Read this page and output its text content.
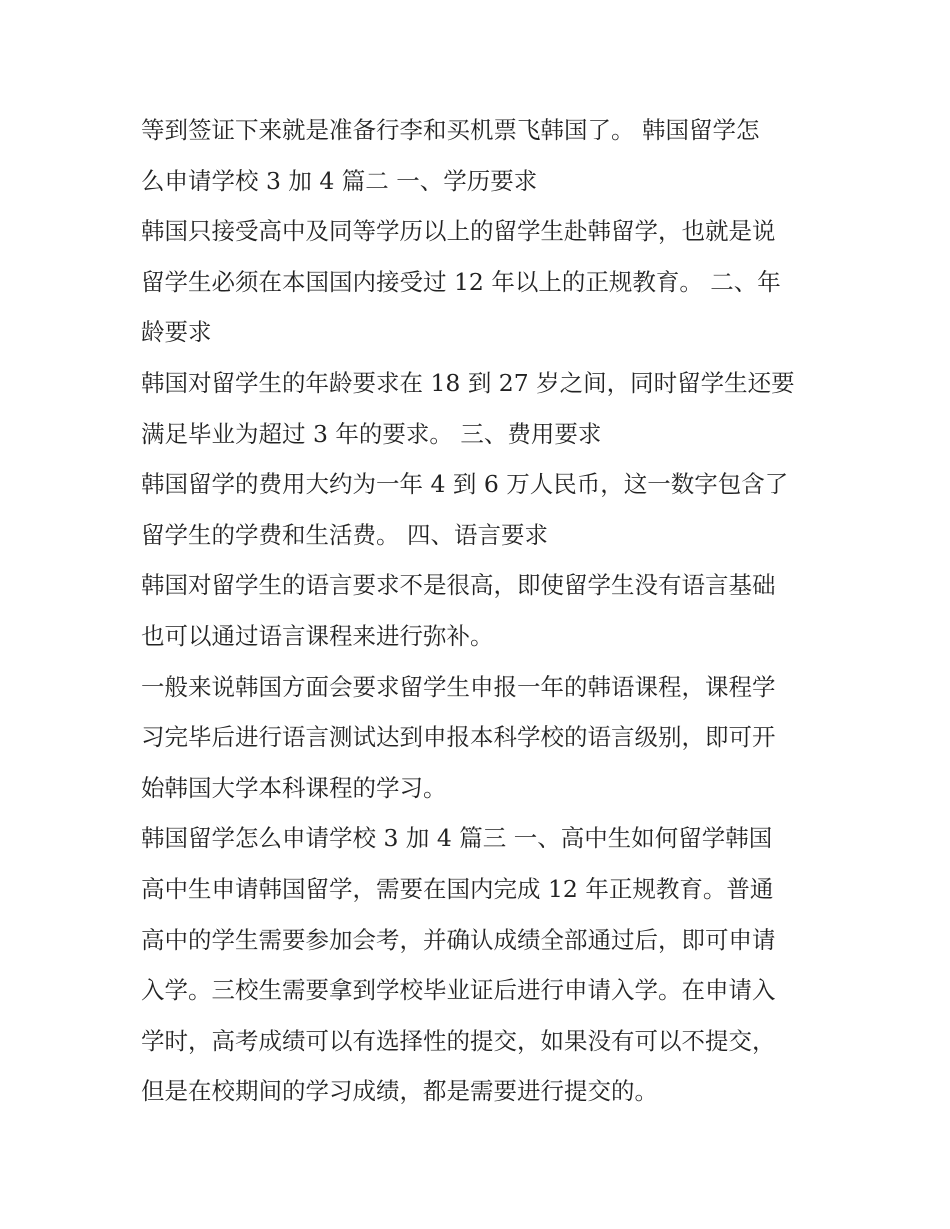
等到签证下来就是准备行李和买机票飞韩国了。 韩国留学怎
么申请学校 3 加 4 篇二 一、学历要求
韩国只接受高中及同等学历以上的留学生赴韩留学，也就是说
留学生必须在本国国内接受过 12 年以上的正规教育。 二、年
龄要求
韩国对留学生的年龄要求在 18 到 27 岁之间，同时留学生还要
满足毕业为超过 3 年的要求。 三、费用要求
韩国留学的费用大约为一年 4 到 6 万人民币，这一数字包含了
留学生的学费和生活费。 四、语言要求
韩国对留学生的语言要求不是很高，即使留学生没有语言基础
也可以通过语言课程来进行弥补。
一般来说韩国方面会要求留学生申报一年的韩语课程，课程学
习完毕后进行语言测试达到申报本科学校的语言级别，即可开
始韩国大学本科课程的学习。
韩国留学怎么申请学校 3 加 4 篇三 一、高中生如何留学韩国
高中生申请韩国留学，需要在国内完成 12 年正规教育。普通
高中的学生需要参加会考，并确认成绩全部通过后，即可申请
入学。三校生需要拿到学校毕业证后进行申请入学。在申请入
学时，高考成绩可以有选择性的提交，如果没有可以不提交，
但是在校期间的学习成绩，都是需要进行提交的。
